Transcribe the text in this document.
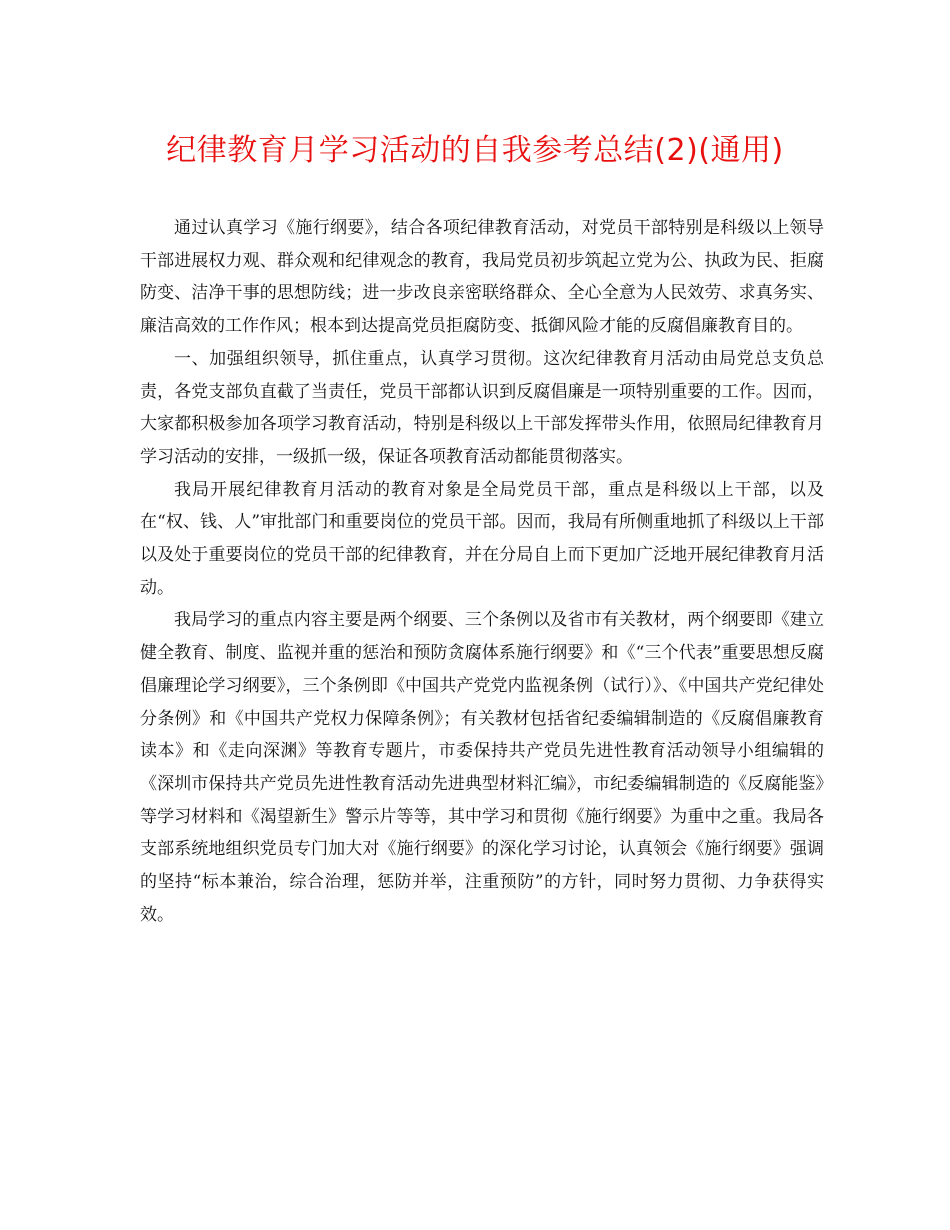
纪律教育月学习活动的自我参考总结(2)(通用)

通过认真学习《施行纲要》，结合各项纪律教育活动，对党员干部特别是科级以上领导干部进展权力观、群众观和纪律观念的教育，我局党员初步筑起立党为公、执政为民、拒腐防变、洁净干事的思想防线；进一步改良亲密联络群众、全心全意为人民效劳、求真务实、廉洁高效的工作作风；根本到达提高党员拒腐防变、抵御风险才能的反腐倡廉教育目的。

一、加强组织领导，抓住重点，认真学习贯彻。这次纪律教育月活动由局党总支负总责，各党支部负直截了当责任，党员干部都认识到反腐倡廉是一项特别重要的工作。因而，大家都积极参加各项学习教育活动，特别是科级以上干部发挥带头作用，依照局纪律教育月学习活动的安排，一级抓一级，保证各项教育活动都能贯彻落实。

我局开展纪律教育月活动的教育对象是全局党员干部，重点是科级以上干部，以及在“权、钱、人”审批部门和重要岗位的党员干部。因而，我局有所侧重地抓了科级以上干部以及处于重要岗位的党员干部的纪律教育，并在分局自上而下更加广泛地开展纪律教育月活动。

我局学习的重点内容主要是两个纲要、三个条例以及省市有关教材，两个纲要即《建立健全教育、制度、监视并重的惩治和预防贪腐体系施行纲要》和《“三个代表”重要思想反腐倡廉理论学习纲要》，三个条例即《中国共产党党内监视条例（试行）》、《中国共产党纪律处分条例》和《中国共产党权力保障条例》；有关教材包括省纪委编辑制造的《反腐倡廉教育读本》和《走向深渊》等教育专题片，市委保持共产党员先进性教育活动领导小组编辑的《深圳市保持共产党员先进性教育活动先进典型材料汇编》，市纪委编辑制造的《反腐能鉴》等学习材料和《渴望新生》警示片等等，其中学习和贯彻《施行纲要》为重中之重。我局各支部系统地组织党员专门加大对《施行纲要》的深化学习讨论，认真领会《施行纲要》强调的坚持“标本兼治，综合治理，惩防并举，注重预防”的方针，同时努力贯彻、力争获得实效。
